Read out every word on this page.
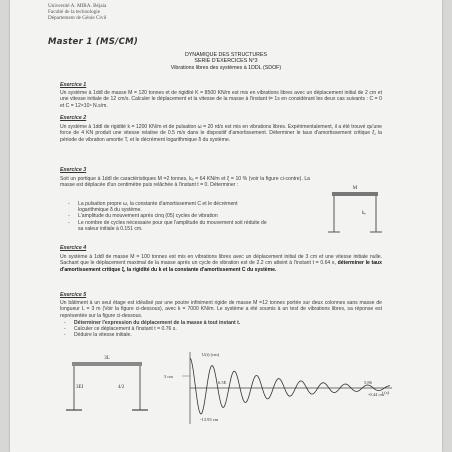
Université A. MIRA. Béjaia
Faculté de la technologie
Département de Génie Civil
Master 1 (MS/CM)
DYNAMIQUE DES STRUCTURES
SERIE D'EXERCICES N°3
Vibrations libres des systèmes à 1DDL (SDOF)
Exercice 1
Un système à 1ddl de masse M = 120 tonnes et de rigidité K = 8500 KN/m est mis en vibrations libres avec un déplacement initial de 2 cm et une vitesse initiale de 12 cm/s. Calculer le déplacement et la vitesse de la masse à l'instant t= 1s en considérant les deux cas suivants : C = 0 et C = 12×10⁴ N.s/m.
Exercice 2
Un système à 1ddl de rigidité k = 1200 KN/m et de pulsation ω = 20 rd/s est mis en vibrations libres. Expérimentalement, il a été trouvé qu'une force de 4 KN produit une vitesse relative de 0.5 m/s dans le dispositif d'amortissement. Déterminer le taux d'amortissement critique ξ, la période de vibration amortie T, et le décrément logarithmique δ du système.
Exercice 3
Soit un portique à 1ddl de caractéristiques M =2 tonnes, kₑ = 64 KN/m et ξ = 10 % (voir la figure ci-contre). La masse est déplacée d'un centimètre puis relâchée à l'instant t = 0. Déterminer :
-	La pulsation propre ω, la constante d'amortissement C et le décrément logarithmique δ du système.
-	L'amplitude du mouvement après cinq (05) cycles de vibration
-	Le nombre de cycles nécessaire pour que l'amplitude du mouvement soit réduite de sa valeur initiale à 0.151 cm.
M
kₑ
Exercice 4
Un système à 1ddl de masse M = 100 tonnes est mis en vibrations libres avec un déplacement initial de 3 cm et une vitesse initiale nulle. Sachant que le déplacement maximal de la masse après un cycle de vibration est de 2.2 cm atteint à l'instant t = 0.64 s, déterminer le taux d'amortissement critique ξ, la rigidité du k et la constante d'amortissement C du système.
Exercice 5
Un bâtiment à un seul étage est idéalisé par une poutre infiniment rigide de masse M =12 tonnes portée sur deux colonnes sans masse de longueur L = 3 m (Voir la figure ci-dessous), avec k = 7000 KN/m. Le système a été soumis à un test de vibrations libres, sa réponse est représentée sur la figure ci-dessous.
-	Déterminer l'expression du déplacement de la masse à tout instant t.
-	Calculer ce déplacement à l'instant t = 0.76 s.
-	Déduire la vitesse initiale.
3L
3EI	4/2
U(t) (cm)
3 cm
6.5E	5.86
-0.44 cm
-13.93 cm
t (s)
